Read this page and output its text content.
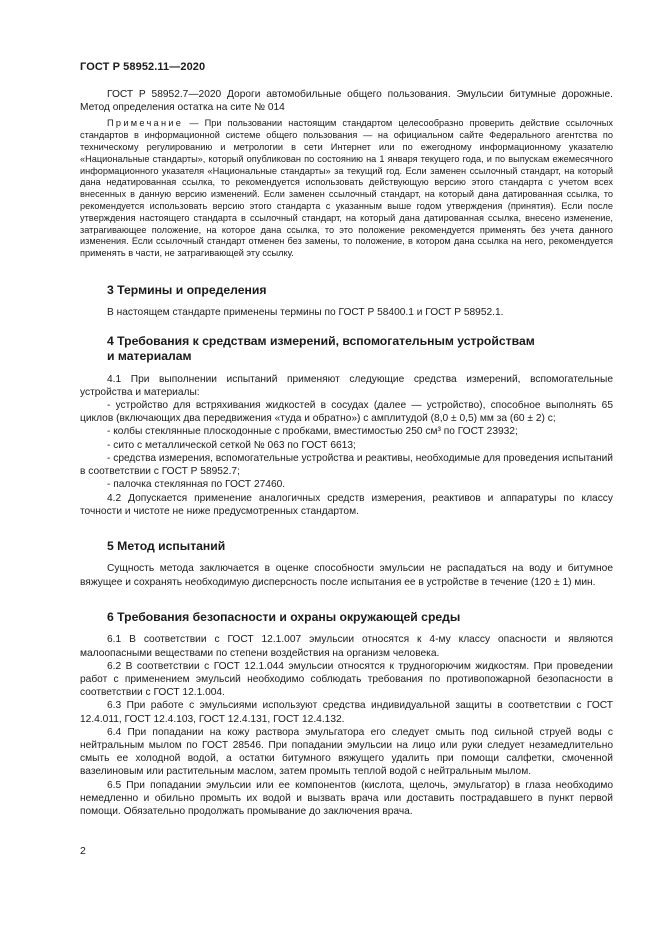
ГОСТ Р 58952.11—2020

ГОСТ Р 58952.7—2020 Дороги автомобильные общего пользования. Эмульсии битумные дорожные. Метод определения остатка на сите № 014

Примечание — При пользовании настоящим стандартом целесообразно проверить действие ссылочных стандартов в информационной системе общего пользования — на официальном сайте Федерального агентства по техническому регулированию и метрологии в сети Интернет или по ежегодному информационному указателю «Национальные стандарты», который опубликован по состоянию на 1 января текущего года, и по выпускам ежемесячного информационного указателя «Национальные стандарты» за текущий год. Если заменен ссылочный стандарт, на который дана недатированная ссылка, то рекомендуется использовать действующую версию этого стандарта с учетом всех внесенных в данную версию изменений. Если заменен ссылочный стандарт, на который дана датированная ссылка, то рекомендуется использовать версию этого стандарта с указанным выше годом утверждения (принятия). Если после утверждения настоящего стандарта в ссылочный стандарт, на который дана датированная ссылка, внесено изменение, затрагивающее положение, на которое дана ссылка, то это положение рекомендуется применять без учета данного изменения. Если ссылочный стандарт отменен без замены, то положение, в котором дана ссылка на него, рекомендуется применять в части, не затрагивающей эту ссылку.

3 Термины и определения

В настоящем стандарте применены термины по ГОСТ Р 58400.1 и ГОСТ Р 58952.1.

4 Требования к средствам измерений, вспомогательным устройствам
и материалам

4.1 При выполнении испытаний применяют следующие средства измерений, вспомогательные устройства и материалы:

- устройство для встряхивания жидкостей в сосудах (далее — устройство), способное выполнять 65 циклов (включающих два передвижения «туда и обратно») с амплитудой (8,0 ± 0,5) мм за (60 ± 2) с;

- колбы стеклянные плоскодонные с пробками, вместимостью 250 см³ по ГОСТ 23932;

- сито с металлической сеткой № 063 по ГОСТ 6613;

- средства измерения, вспомогательные устройства и реактивы, необходимые для проведения испытаний в соответствии с ГОСТ Р 58952.7;

- палочка стеклянная по ГОСТ 27460.

4.2 Допускается применение аналогичных средств измерения, реактивов и аппаратуры по классу точности и чистоте не ниже предусмотренных стандартом.

5 Метод испытаний

Сущность метода заключается в оценке способности эмульсии не распадаться на воду и битумное вяжущее и сохранять необходимую дисперсность после испытания ее в устройстве в течение (120 ± 1) мин.

6 Требования безопасности и охраны окружающей среды

6.1 В соответствии с ГОСТ 12.1.007 эмульсии относятся к 4-му классу опасности и являются малоопасными веществами по степени воздействия на организм человека.

6.2 В соответствии с ГОСТ 12.1.044 эмульсии относятся к трудногорючим жидкостям. При проведении работ с применением эмульсий необходимо соблюдать требования по противопожарной безопасности в соответствии с ГОСТ 12.1.004.

6.3 При работе с эмульсиями используют средства индивидуальной защиты в соответствии с ГОСТ 12.4.011, ГОСТ 12.4.103, ГОСТ 12.4.131, ГОСТ 12.4.132.

6.4 При попадании на кожу раствора эмульгатора его следует смыть под сильной струей воды с нейтральным мылом по ГОСТ 28546. При попадании эмульсии на лицо или руки следует незамедлительно смыть ее холодной водой, а остатки битумного вяжущего удалить при помощи салфетки, смоченной вазелиновым или растительным маслом, затем промыть теплой водой с нейтральным мылом.

6.5 При попадании эмульсии или ее компонентов (кислота, щелочь, эмульгатор) в глаза необходимо немедленно и обильно промыть их водой и вызвать врача или доставить пострадавшего в пункт первой помощи. Обязательно продолжать промывание до заключения врача.

2
